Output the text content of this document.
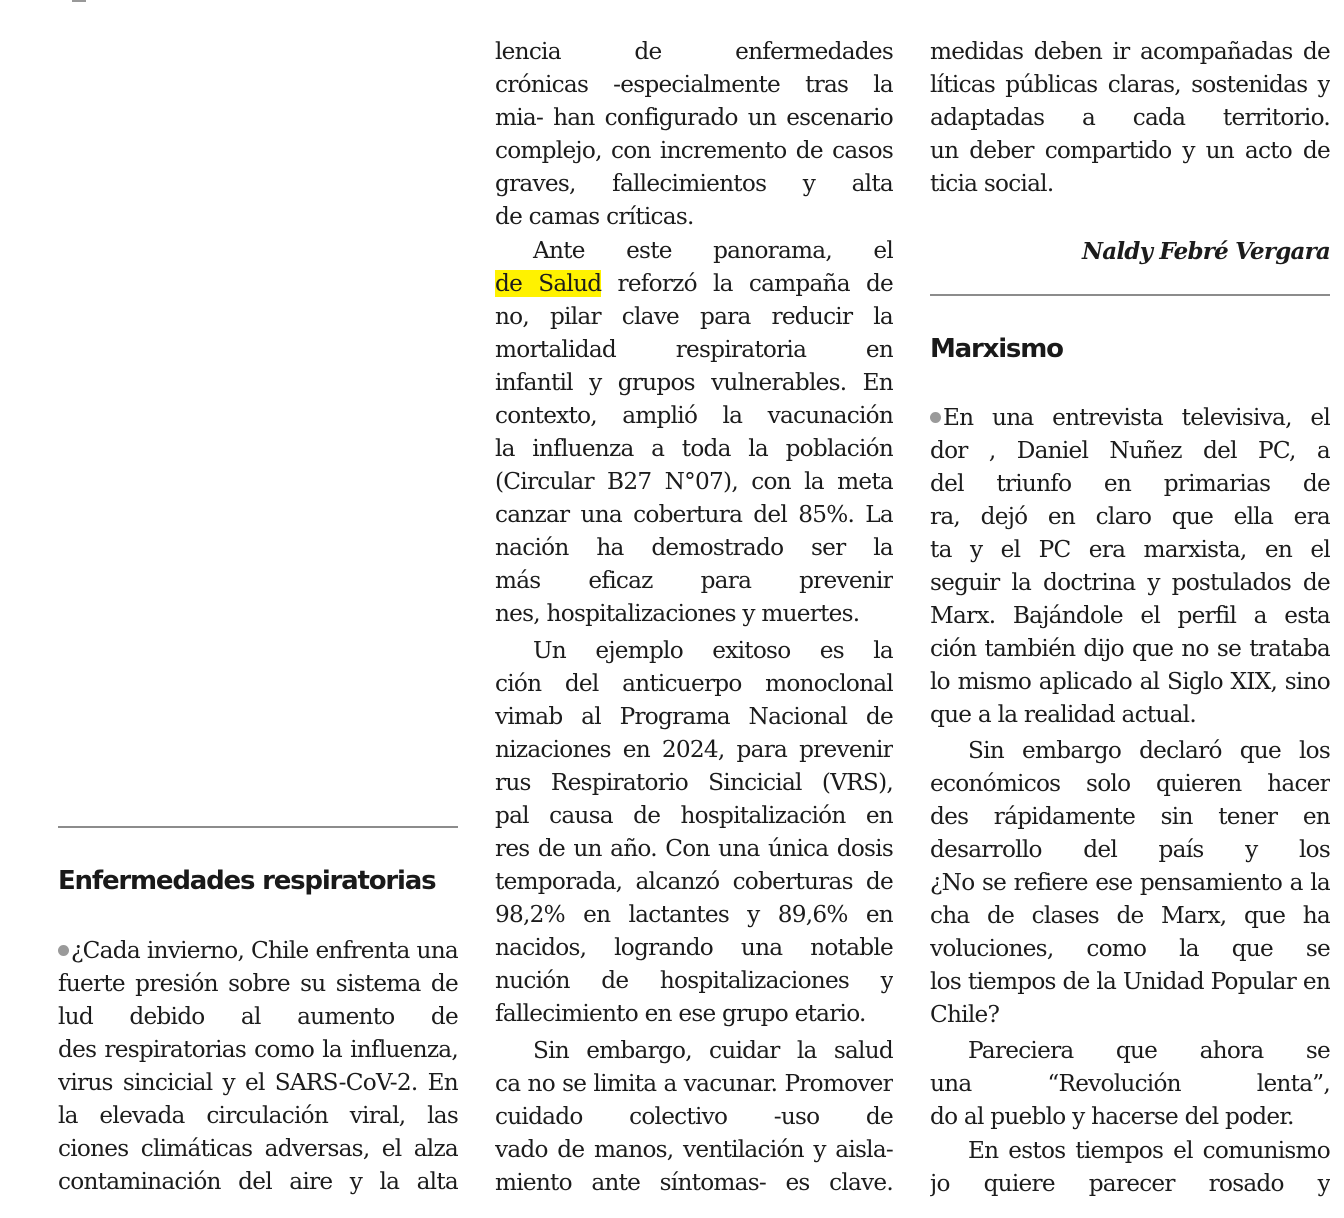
Enfermedades respiratorias
¿Cada invierno, Chile enfrenta una
fuerte presión sobre su sistema de
lud debido al aumento de
des respiratorias como la influenza,
virus sincicial y el SARS-CoV-2. En
la elevada circulación viral, las
ciones climáticas adversas, el alza
contaminación del aire y la alta
lencia de enfermedades
crónicas -especialmente tras la
mia- han configurado un escenario
complejo, con incremento de casos
graves, fallecimientos y alta
de camas críticas.
Ante este panorama, el
de Salud reforzó la campaña de
no, pilar clave para reducir la
mortalidad respiratoria en
infantil y grupos vulnerables. En
contexto, amplió la vacunación
la influenza a toda la población
(Circular B27 N°07), con la meta
canzar una cobertura del 85%. La
nación ha demostrado ser la
más eficaz para prevenir
nes, hospitalizaciones y muertes.
Un ejemplo exitoso es la
ción del anticuerpo monoclonal
vimab al Programa Nacional de
nizaciones en 2024, para prevenir
rus Respiratorio Sincicial (VRS),
pal causa de hospitalización en
res de un año. Con una única dosis
temporada, alcanzó coberturas de
98,2% en lactantes y 89,6% en
nacidos, logrando una notable
nución de hospitalizaciones y
fallecimiento en ese grupo etario.
Sin embargo, cuidar la salud
ca no se limita a vacunar. Promover
cuidado colectivo -uso de
vado de manos, ventilación y aisla-
miento ante síntomas- es clave.
medidas deben ir acompañadas de
líticas públicas claras, sostenidas y
adaptadas a cada territorio.
un deber compartido y un acto de
ticia social.
Naldy Febré Vergara
Marxismo
En una entrevista televisiva, el
dor , Daniel Nuñez del PC, a
del triunfo en primarias de
ra, dejó en claro que ella era
ta y el PC era marxista, en el
seguir la doctrina y postulados de
Marx. Bajándole el perfil a esta
ción también dijo que no se trataba
lo mismo aplicado al Siglo XIX, sino
que a la realidad actual.
Sin embargo declaró que los
económicos solo quieren hacer
des rápidamente sin tener en
desarrollo del país y los
¿No se refiere ese pensamiento a la
cha de clases de Marx, que ha
voluciones, como la que se
los tiempos de la Unidad Popular en
Chile?
Pareciera que ahora se
una “Revolución lenta”,
do al pueblo y hacerse del poder.
En estos tiempos el comunismo
jo quiere parecer rosado y
